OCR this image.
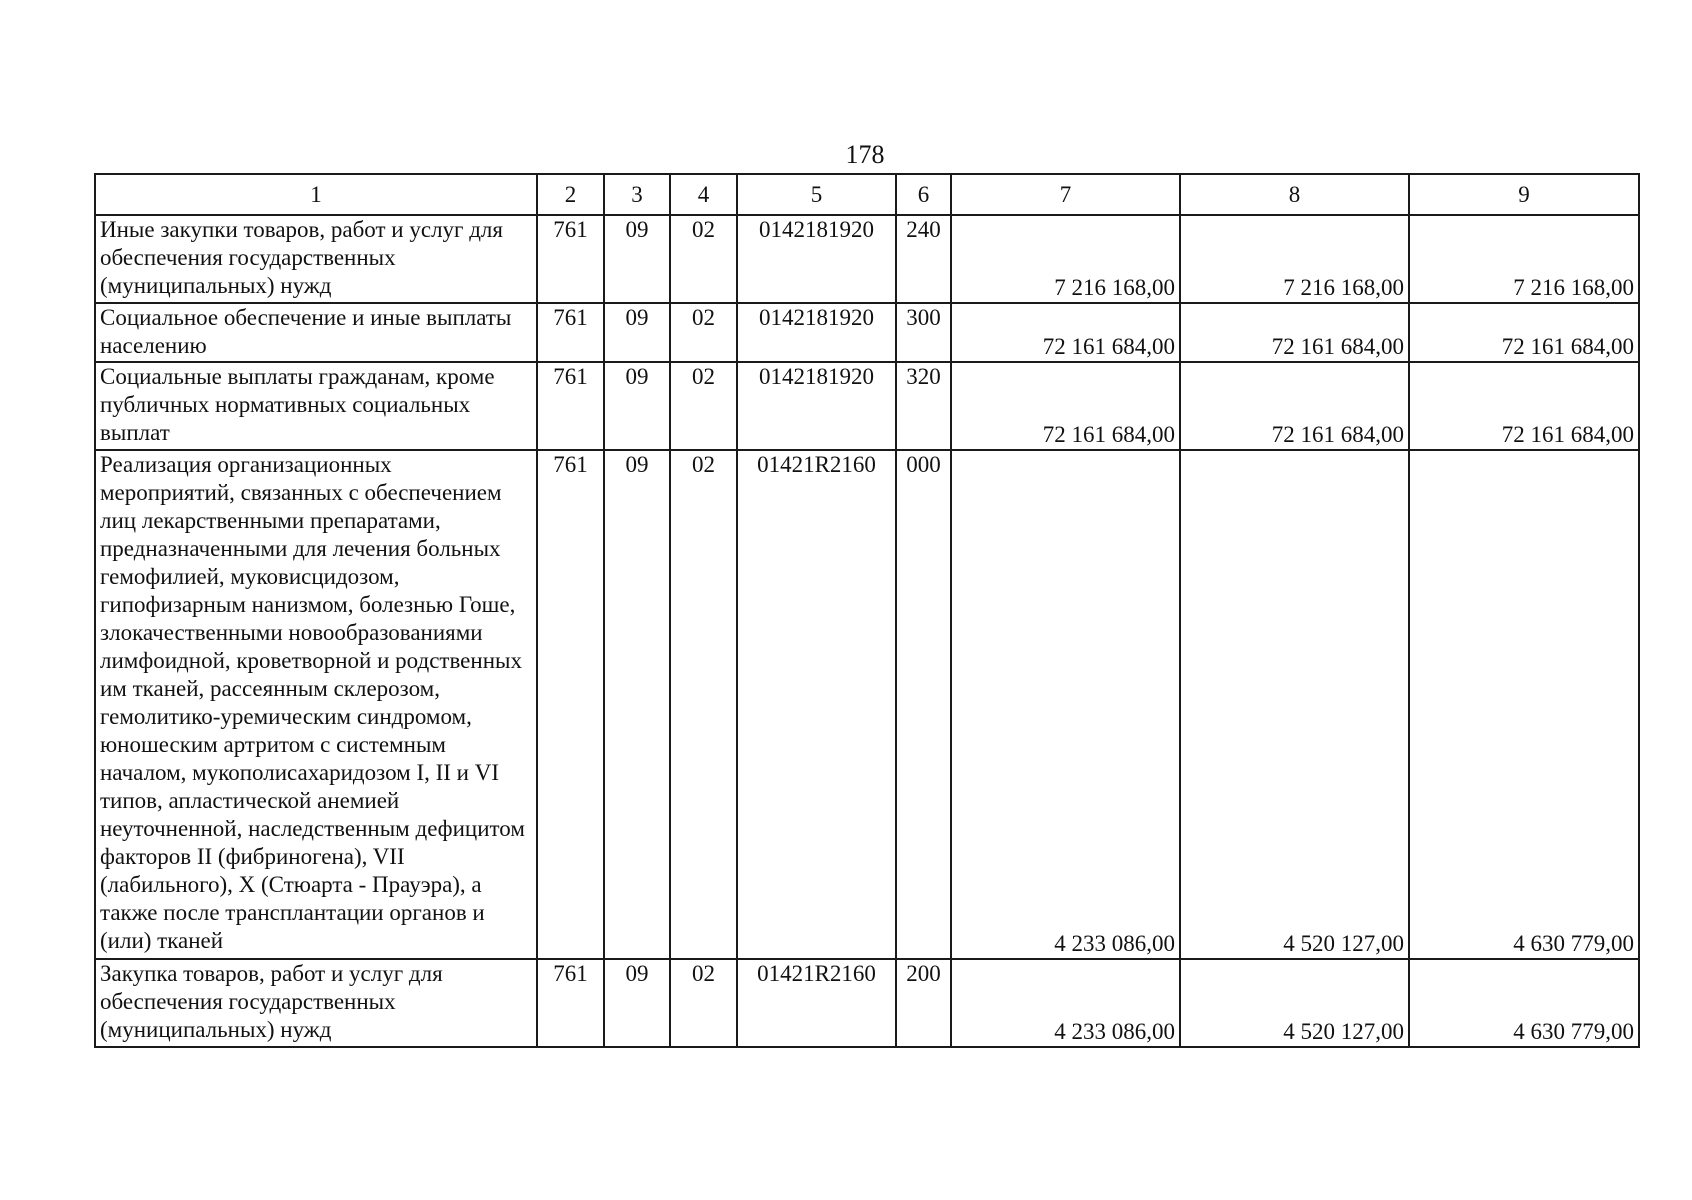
178
1	2	3	4	5	6	7	8	9
Иные закупки товаров, работ и услуг для обеспечения государственных (муниципальных) нужд	761	09	02	0142181920	240	7 216 168,00	7 216 168,00	7 216 168,00
Социальное обеспечение и иные выплаты населению	761	09	02	0142181920	300	72 161 684,00	72 161 684,00	72 161 684,00
Социальные выплаты гражданам, кроме публичных нормативных социальных выплат	761	09	02	0142181920	320	72 161 684,00	72 161 684,00	72 161 684,00
Реализация организационных мероприятий, связанных с обеспечением лиц лекарственными препаратами, предназначенными для лечения больных гемофилией, муковисцидозом, гипофизарным нанизмом, болезнью Гоше, злокачественными новообразованиями лимфоидной, кроветворной и родственных им тканей, рассеянным склерозом, гемолитико-уремическим синдромом, юношеским артритом с системным началом, мукополисахаридозом I, II и VI типов, апластической анемией неуточненной, наследственным дефицитом факторов II (фибриногена), VII (лабильного), X (Стюарта - Прауэра), а также после трансплантации органов и (или) тканей	761	09	02	01421R2160	000	4 233 086,00	4 520 127,00	4 630 779,00
Закупка товаров, работ и услуг для обеспечения государственных (муниципальных) нужд	761	09	02	01421R2160	200	4 233 086,00	4 520 127,00	4 630 779,00
